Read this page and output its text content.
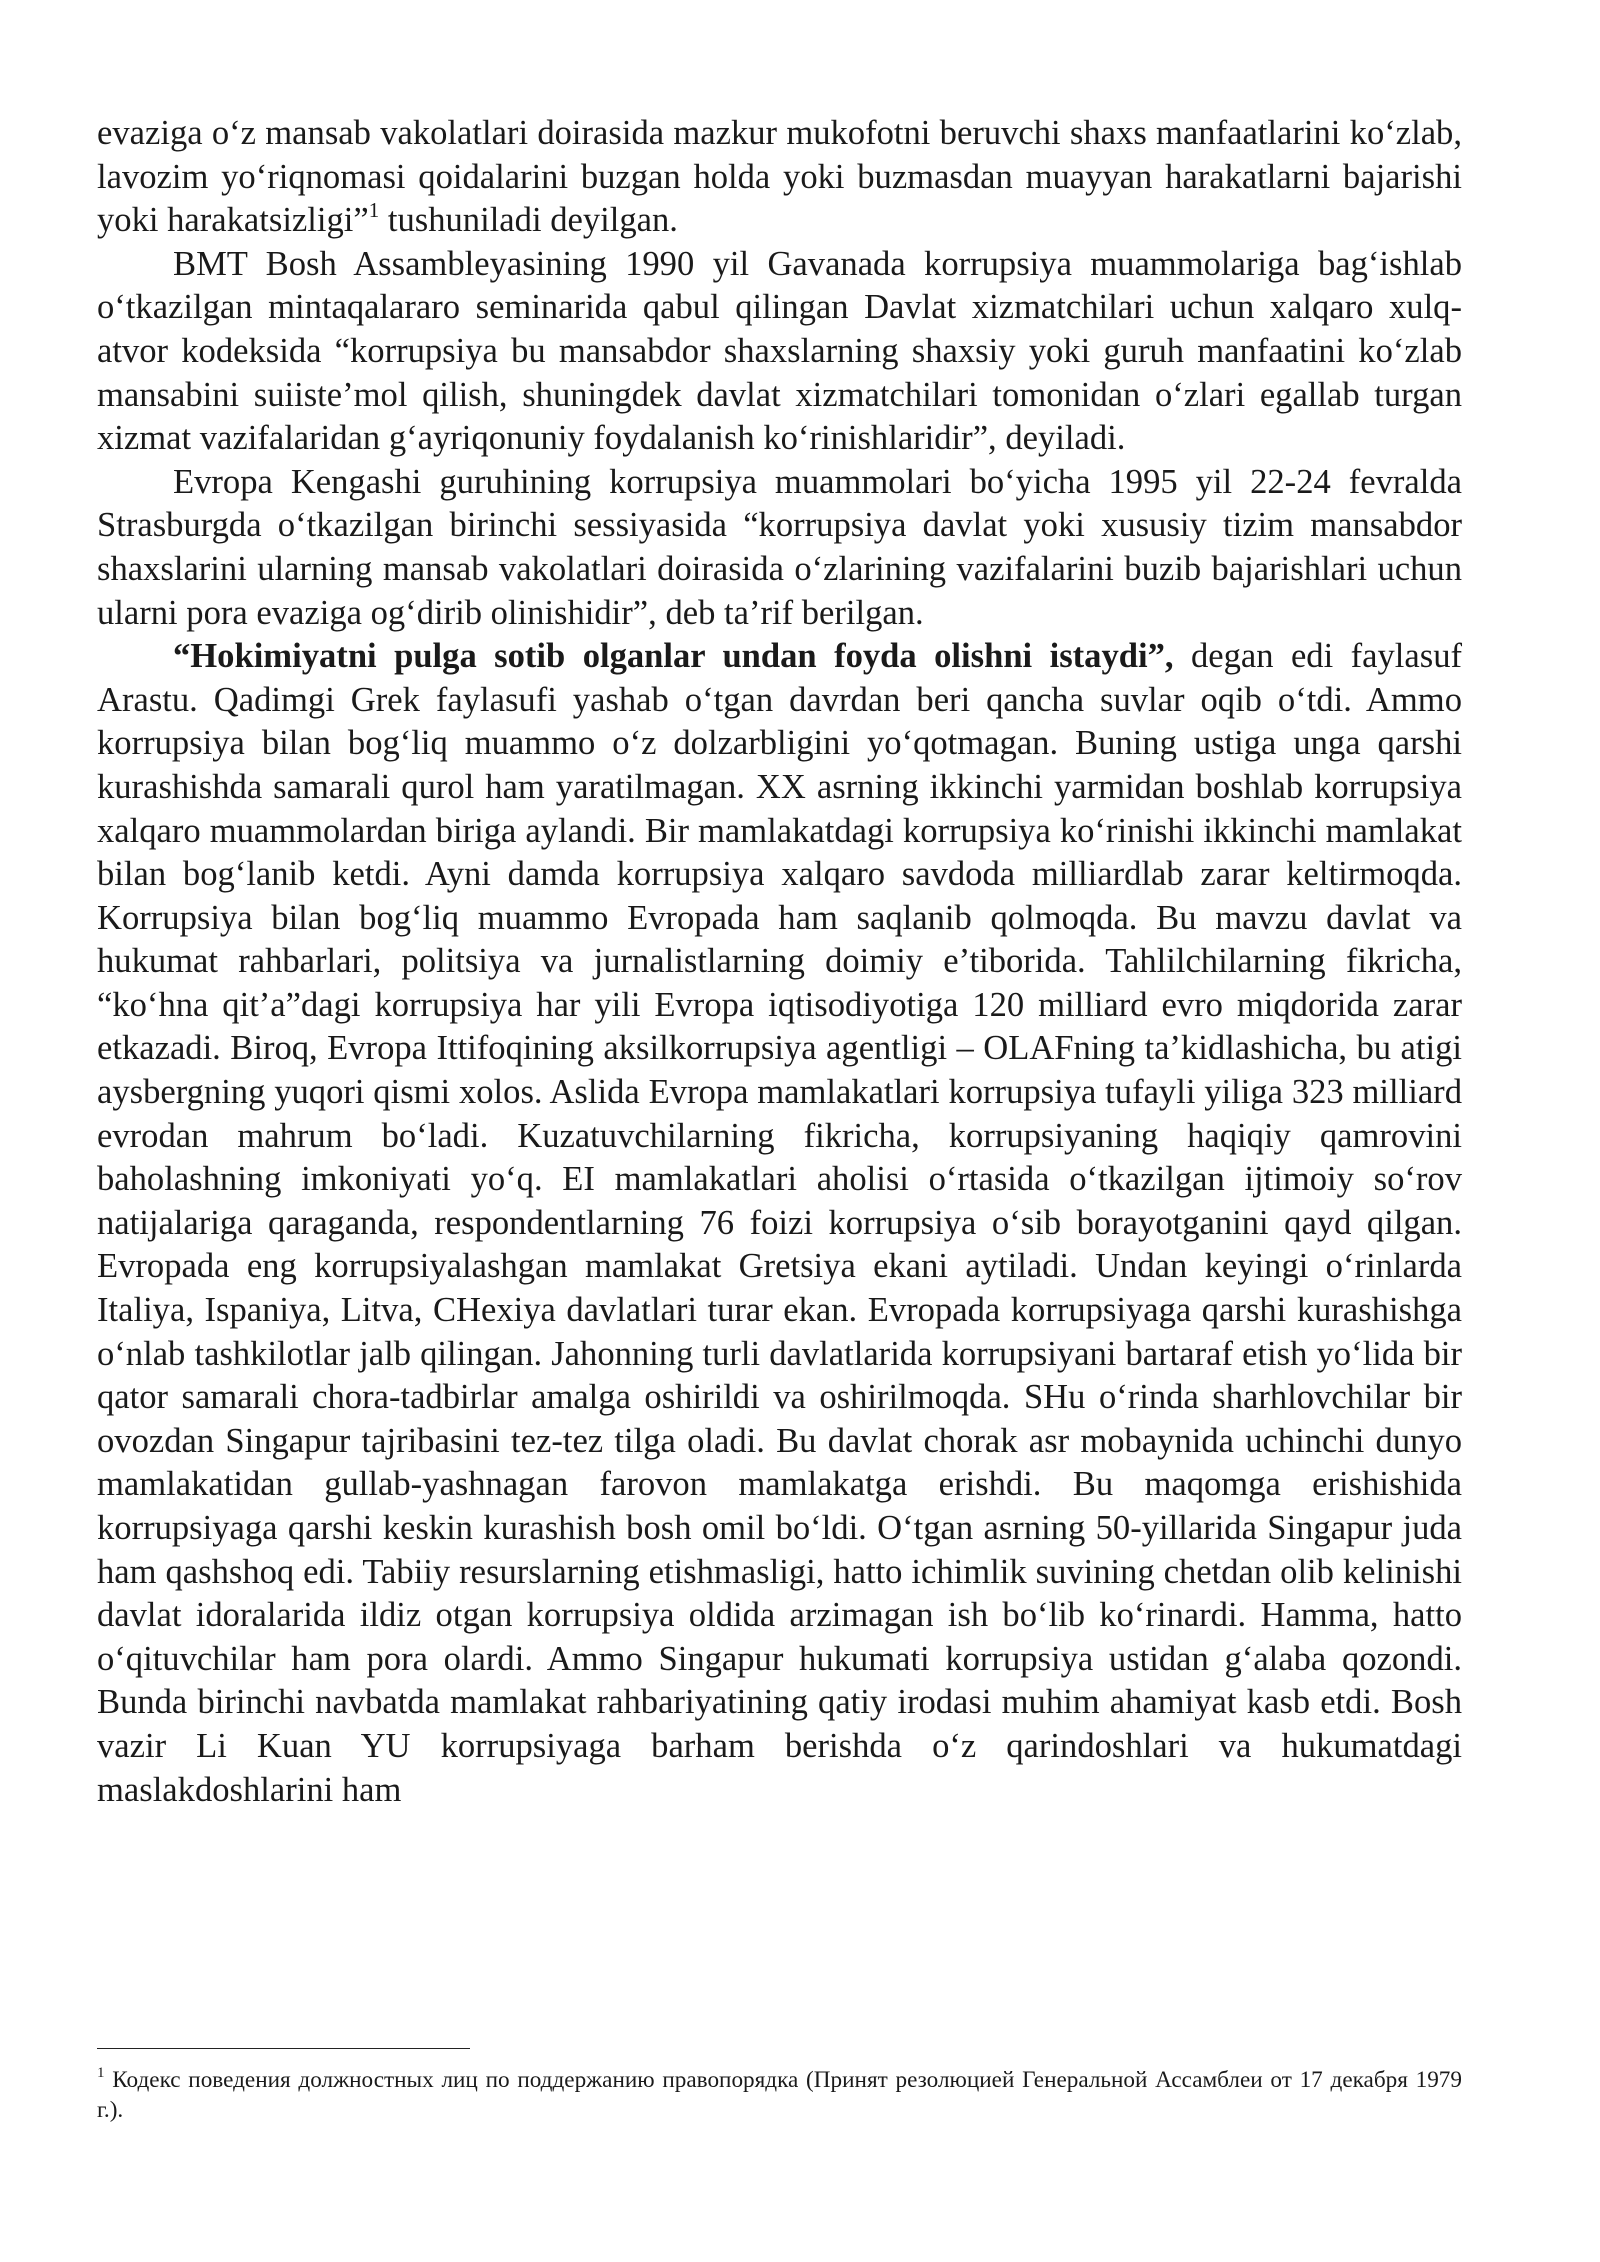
evaziga o‘z mansab vakolatlari doirasida mazkur mukofotni beruvchi shaxs manfaatlarini ko‘zlab, lavozim yo‘riqnomasi qoidalarini buzgan holda yoki buzmasdan muayyan harakatlarni bajarishi yoki harakatsizligi”$^1$ tushuniladi deyilgan.

BMT Bosh Assambleyasining 1990 yil Gavanada korrupsiya muammolariga bag‘ishlab o‘tkazilgan mintaqalararo seminarida qabul qilingan Davlat xizmatchilari uchun xalqaro xulq-atvor kodeksida “korrupsiya bu mansabdor shaxslarning shaxsiy yoki guruh manfaatini ko‘zlab mansabini suiiste’mol qilish, shuningdek davlat xizmatchilari tomonidan o‘zlari egallab turgan xizmat vazifalaridan g‘ayriqonuniy foydalanish ko‘rinishlaridir”, deyiladi.

Evropa Kengashi guruhining korrupsiya muammolari bo‘yicha 1995 yil 22-24 fevralda Strasburgda o‘tkazilgan birinchi sessiyasida “korrupsiya davlat yoki xususiy tizim mansabdor shaxslarini ularning mansab vakolatlari doirasida o‘zlarining vazifalarini buzib bajarishlari uchun ularni pora evaziga og‘dirib olinishidir”, deb ta’rif berilgan.

“Hokimiyatni pulga sotib olganlar undan foyda olishni istaydi”, degan edi faylasuf Arastu. Qadimgi Grek faylasufi yashab o‘tgan davrdan beri qancha suvlar oqib o‘tdi. Ammo korrupsiya bilan bog‘liq muammo o‘z dolzarbligini yo‘qotmagan. Buning ustiga unga qarshi kurashishda samarali qurol ham yaratilmagan. XX asrning ikkinchi yarmidan boshlab korrupsiya xalqaro muammolardan biriga aylandi. Bir mamlakatdagi korrupsiya ko‘rinishi ikkinchi mamlakat bilan bog‘lanib ketdi. Ayni damda korrupsiya xalqaro savdoda milliardlab zarar keltirmoqda. Korrupsiya bilan bog‘liq muammo Evropada ham saqlanib qolmoqda. Bu mavzu davlat va hukumat rahbarlari, politsiya va jurnalistlarning doimiy e’tiborida. Tahlilchilarning fikricha, “ko‘hna qit’a”dagi korrupsiya har yili Evropa iqtisodiyotiga 120 milliard evro miqdorida zarar etkazadi. Biroq, Evropa Ittifoqining aksilkorrupsiya agentligi – OLAFning ta’kidlashicha, bu atigi aysbergning yuqori qismi xolos. Aslida Evropa mamlakatlari korrupsiya tufayli yiliga 323 milliard evrodan mahrum bo‘ladi. Kuzatuvchilarning fikricha, korrupsiyaning haqiqiy qamrovini baholashning imkoniyati yo‘q. EI mamlakatlari aholisi o‘rtasida o‘tkazilgan ijtimoiy so‘rov natijalariga qaraganda, respondentlarning 76 foizi korrupsiya o‘sib borayotganini qayd qilgan. Evropada eng korrupsiyalashgan mamlakat Gretsiya ekani aytiladi. Undan keyingi o‘rinlarda Italiya, Ispaniya, Litva, CHexiya davlatlari turar ekan. Evropada korrupsiyaga qarshi kurashishga o‘nlab tashkilotlar jalb qilingan. Jahonning turli davlatlarida korrupsiyani bartaraf etish yo‘lida bir qator samarali chora-tadbirlar amalga oshirildi va oshirilmoqda. SHu o‘rinda sharhlovchilar bir ovozdan Singapur tajribasini tez-tez tilga oladi. Bu davlat chorak asr mobaynida uchinchi dunyo mamlakatidan gullab-yashnagan farovon mamlakatga erishdi. Bu maqomga erishishida korrupsiyaga qarshi keskin kurashish bosh omil bo‘ldi. O‘tgan asrning 50-yillarida Singapur juda ham qashshoq edi. Tabiiy resurslarning etishmasligi, hatto ichimlik suvining chetdan olib kelinishi davlat idoralarida ildiz otgan korrupsiya oldida arzimagan ish bo‘lib ko‘rinardi. Hamma, hatto o‘qituvchilar ham pora olardi. Ammo Singapur hukumati korrupsiya ustidan g‘alaba qozondi. Bunda birinchi navbatda mamlakat rahbariyatining qatiy irodasi muhim ahamiyat kasb etdi. Bosh vazir Li Kuan YU korrupsiyaga barham berishda o‘z qarindoshlari va hukumatdagi maslakdoshlarini ham

$^1$ Кодекс поведения должностных лиц по поддержанию правопорядка (Принят резолюцией Генеральной Ассамблеи от 17 декабря 1979 г.).
